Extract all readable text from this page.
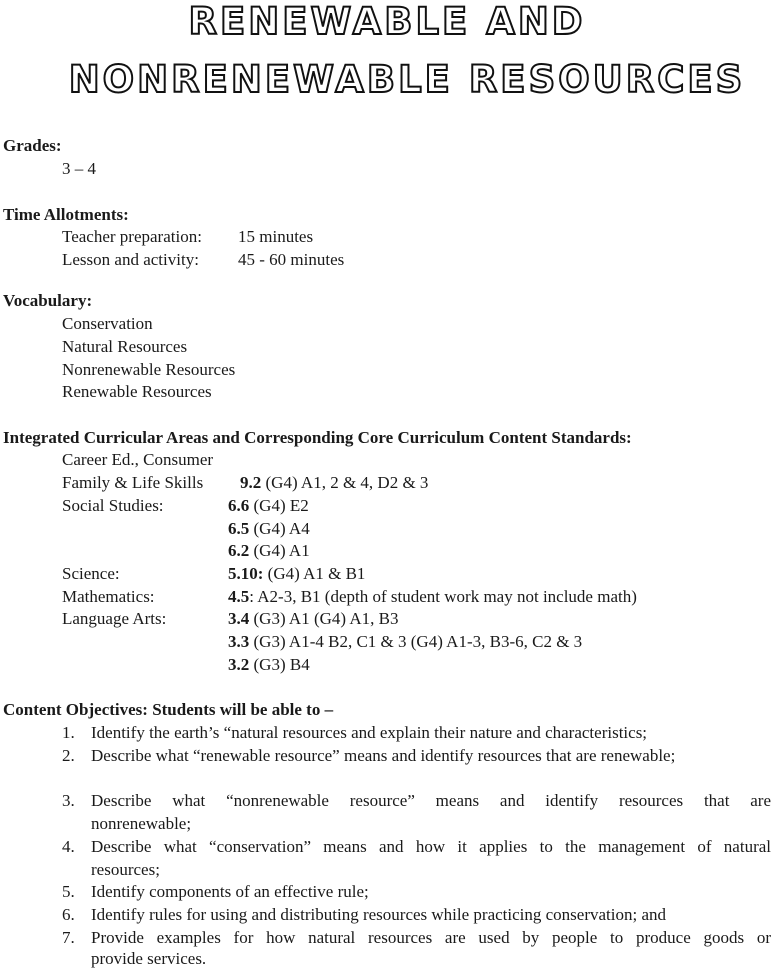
RENEWABLE AND
NONRENEWABLE RESOURCES
Grades:
3 – 4
Time Allotments:
Teacher preparation: 15 minutes
Lesson and activity: 45 - 60 minutes
Vocabulary:
Conservation
Natural Resources
Nonrenewable Resources
Renewable Resources
Integrated Curricular Areas and Corresponding Core Curriculum Content Standards:
Career Ed., Consumer
Family & Life Skills 9.2 (G4) A1, 2 & 4, D2 & 3
Social Studies:	6.6 (G4) E2
6.5 (G4) A4
6.2 (G4) A1
Science:	5.10: (G4) A1 & B1
Mathematics:	4.5: A2-3, B1 (depth of student work may not include math)
Language Arts:	3.4 (G3) A1 (G4) A1, B3
3.3 (G3) A1-4 B2, C1 & 3 (G4) A1-3, B3-6, C2 & 3
3.2 (G3) B4
Content Objectives: Students will be able to –
1. Identify the earth’s “natural resources and explain their nature and characteristics;
2. Describe what “renewable resource” means and identify resources that are renewable;
3. Describe what “nonrenewable resource” means and identify resources that are
nonrenewable;
4. Describe what “conservation” means and how it applies to the management of natural
resources;
5. Identify components of an effective rule;
6. Identify rules for using and distributing resources while practicing conservation; and
7. Provide examples for how natural resources are used by people to produce goods or
provide services.
